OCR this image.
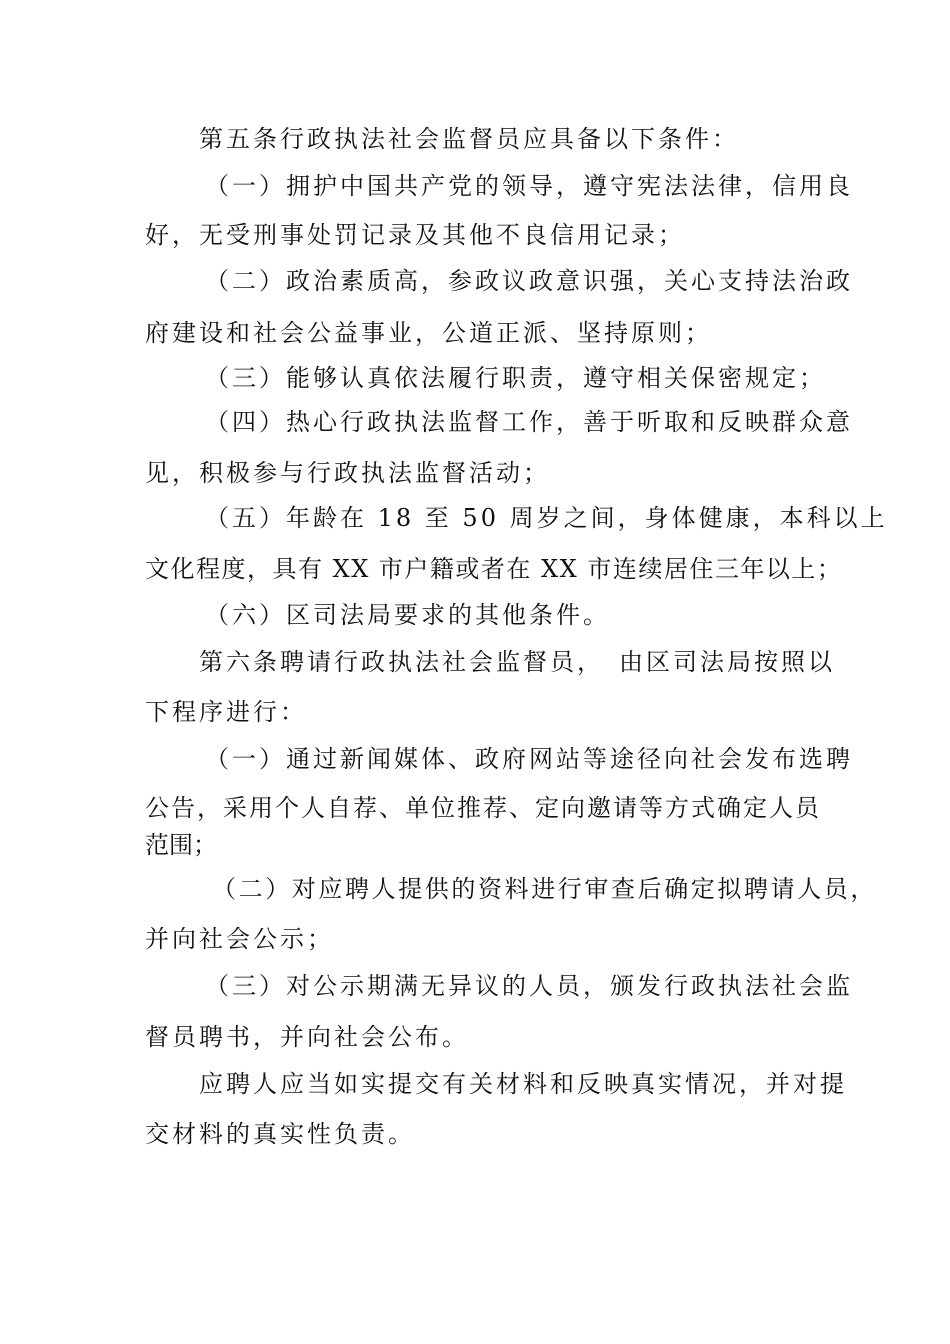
第五条行政执法社会监督员应具备以下条件：
（一）拥护中国共产党的领导，遵守宪法法律，信用良
好，无受刑事处罚记录及其他不良信用记录；
（二）政治素质高，参政议政意识强，关心支持法治政
府建设和社会公益事业，公道正派、坚持原则；
（三）能够认真依法履行职责，遵守相关保密规定；
（四）热心行政执法监督工作，善于听取和反映群众意
见，积极参与行政执法监督活动；
（五）年龄在 18 至 50 周岁之间，身体健康，本科以上
文化程度，具有 XX 市户籍或者在 XX 市连续居住三年以上；
（六）区司法局要求的其他条件。
第六条聘请行政执法社会监督员，　由区司法局按照以
下程序进行：
（一）通过新闻媒体、政府网站等途径向社会发布选聘
公告，采用个人自荐、单位推荐、定向邀请等方式确定人员
范围；
（二）对应聘人提供的资料进行审查后确定拟聘请人员，
并向社会公示；
（三）对公示期满无异议的人员，颁发行政执法社会监
督员聘书，并向社会公布。
应聘人应当如实提交有关材料和反映真实情况，并对提
交材料的真实性负责。
